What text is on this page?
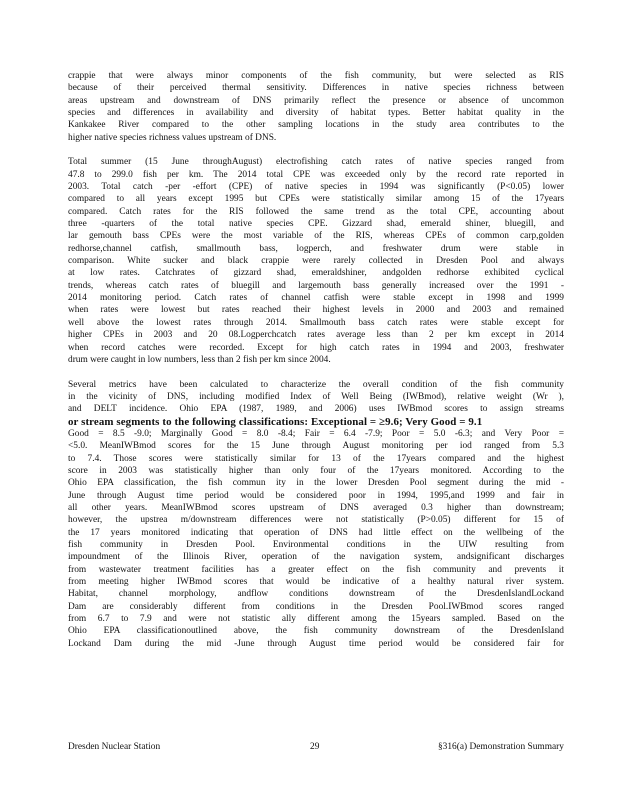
crappie that were always minor components of the fish community, but were selected as RIS

because of their perceived thermal sensitivity. Differences in native species richness between

areas upstream and downstream of DNS primarily reflect the presence or absence of uncommon

species and differences in availability and diversity of habitat types. Better habitat quality in the

Kankakee River compared to the other sampling locations in the study area contributes to the

higher native species richness values upstream of DNS.

Total summer (15 June throughAugust) electrofishing catch rates of native species ranged from

47.8 to 299.0 fish per km. The 2014 total CPE was exceeded only by the record rate reported in

2003. Total catch -per -effort (CPE) of native species in 1994 was significantly (P<0.05) lower

compared to all years except 1995 but CPEs were statistically similar among 15 of the 17years

compared. Catch rates for the RIS followed the same trend as the total CPE, accounting about

three -quarters of the total native species CPE. Gizzard shad, emerald shiner, bluegill, and

lar gemouth bass CPEs were the most variable of the RIS, whereas CPEs of common carp,golden

redhorse,channel catfish, smallmouth bass, logperch, and freshwater drum were stable in

comparison. White sucker and black crappie were rarely collected in Dresden Pool and always

at low rates. Catchrates of gizzard shad, emeraldshiner, andgolden redhorse exhibited cyclical

trends, whereas catch rates of bluegill and largemouth bass generally increased over the 1991 -

2014 monitoring period. Catch rates of channel catfish were stable except in 1998 and 1999

when rates were lowest but rates reached their highest levels in 2000 and 2003 and remained

well above the lowest rates through 2014. Smallmouth bass catch rates were stable except for

higher CPEs in 2003 and 20 08.Logperchcatch rates average less than 2 per km except in 2014

when record catches were recorded. Except for high catch rates in 1994 and 2003, freshwater

drum were caught in low numbers, less than 2 fish per km since 2004.

Several metrics have been calculated to characterize the overall condition of the fish community

in the vicinity of DNS, including modified Index of Well Being (IWBmod), relative weight (Wr ),

and DELT incidence. Ohio EPA (1987, 1989, and 2006) uses IWBmod scores to assign streams

or stream segments to the following classifications: Exceptional = ≥9.6; Very Good = 9.1

Good = 8.5 -9.0; Marginally Good = 8.0 -8.4; Fair = 6.4 -7.9; Poor = 5.0 -6.3; and Very Poor =

<5.0. MeanIWBmod scores for the 15 June through August monitoring per iod ranged from 5.3

to 7.4. Those scores were statistically similar for 13 of the 17years compared and the highest

score in 2003 was statistically higher than only four of the 17years monitored. According to the

Ohio EPA classification, the fish commun ity in the lower Dresden Pool segment during the mid -

June through August time period would be considered poor in 1994, 1995,and 1999 and fair in

all other years. MeanIWBmod scores upstream of DNS averaged 0.3 higher than downstream;

however, the upstrea m/downstream differences were not statistically (P>0.05) different for 15 of

the 17 years monitored indicating that operation of DNS had little effect on the wellbeing of the

fish community in Dresden Pool. Environmental conditions in the UIW resulting from

impoundment of the Illinois River, operation of the navigation system, andsignificant discharges

from wastewater treatment facilities has a greater effect on the fish community and prevents it

from meeting higher IWBmod scores that would be indicative of a healthy natural river system.

Habitat, channel morphology, andflow conditions downstream of the DresdenIslandLockand

Dam are considerably different from conditions in the Dresden Pool.IWBmod scores ranged

from 6.7 to 7.9 and were not statistic ally different among the 15years sampled. Based on the

Ohio EPA classificationoutlined above, the fish community downstream of the DresdenIsland

Lockand Dam during the mid -June through August time period would be considered fair for

Dresden Nuclear Station	29	§316(a) Demonstration Summary
